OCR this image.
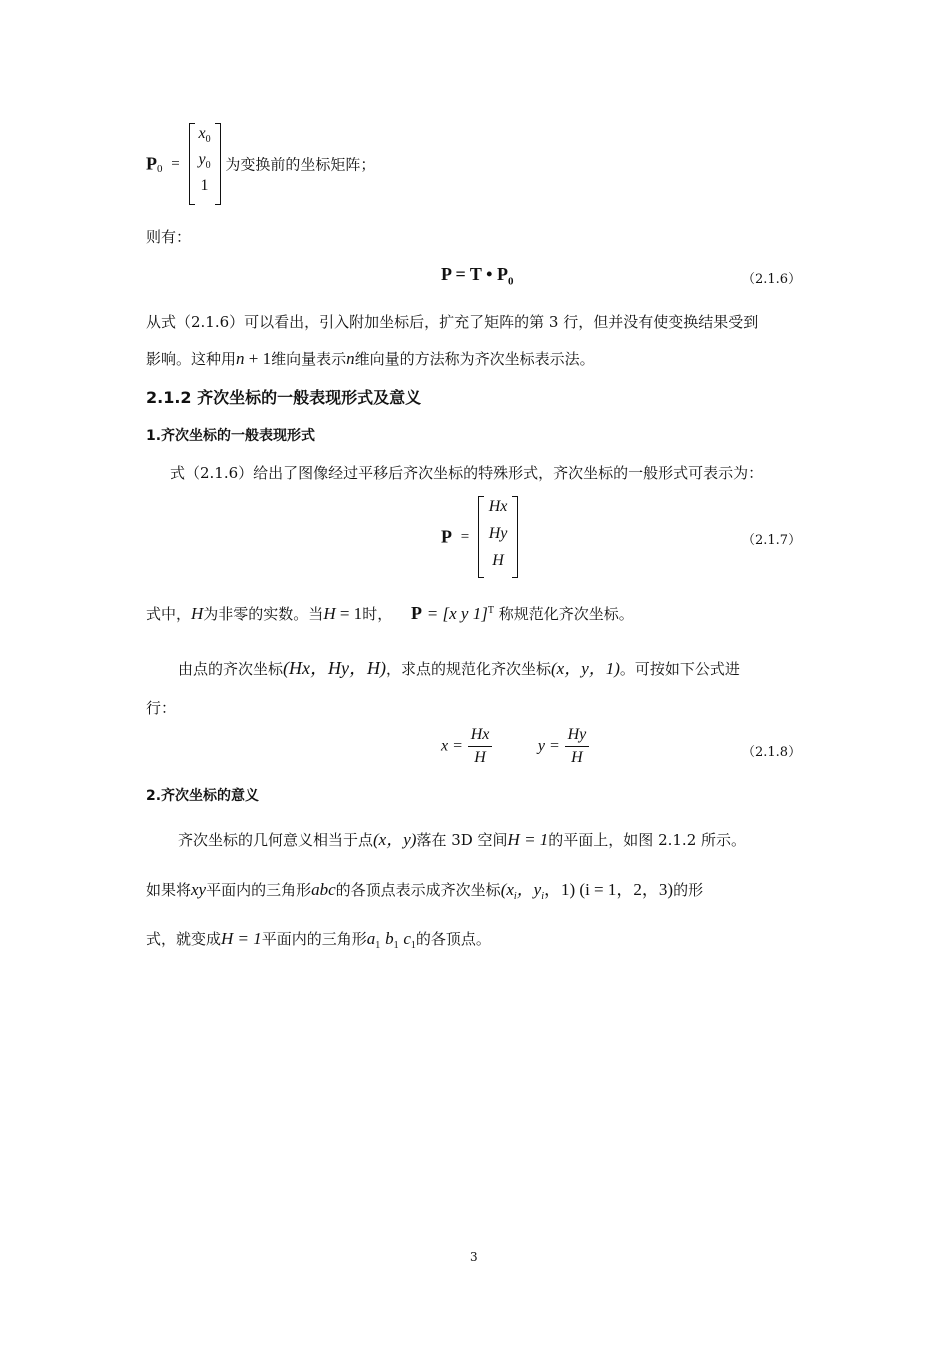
$P_0$ =
$x_0$
$y_0$
1
为变换前的坐标矩阵；
则有：
P = T • $P_0$	（2.1.6）
从式（2.1.6）可以看出，引入附加坐标后，扩充了矩阵的第 3 行，但并没有使变换结果受到
影响。这种用n + 1维向量表示n维向量的方法称为齐次坐标表示法。
2.1.2 齐次坐标的一般表现形式及意义
1.齐次坐标的一般表现形式
式（2.1.6）给出了图像经过平移后齐次坐标的特殊形式，齐次坐标的一般形式可表示为：
P =
Hx
Hy
H
（2.1.7）
式中，H为非零的实数。当H = 1时， P = [x y 1]$^T$ 称规范化齐次坐标。
由点的齐次坐标(Hx，Hy，H)，求点的规范化齐次坐标(x，y，1)。可按如下公式进
行：
$x = \frac{Hx}{H}$	$y = \frac{Hy}{H}$	（2.1.8）
2.齐次坐标的意义
齐次坐标的几何意义相当于点(x，y)落在 3D 空间H = 1的平面上，如图 2.1.2 所示。
如果将xy平面内的三角形abc的各顶点表示成齐次坐标($x_i$，$y_i$，1) (i = 1，2，3)的形
式，就变成H = 1平面内的三角形$a_1$ $b_1$ $c_1$的各顶点。
3
